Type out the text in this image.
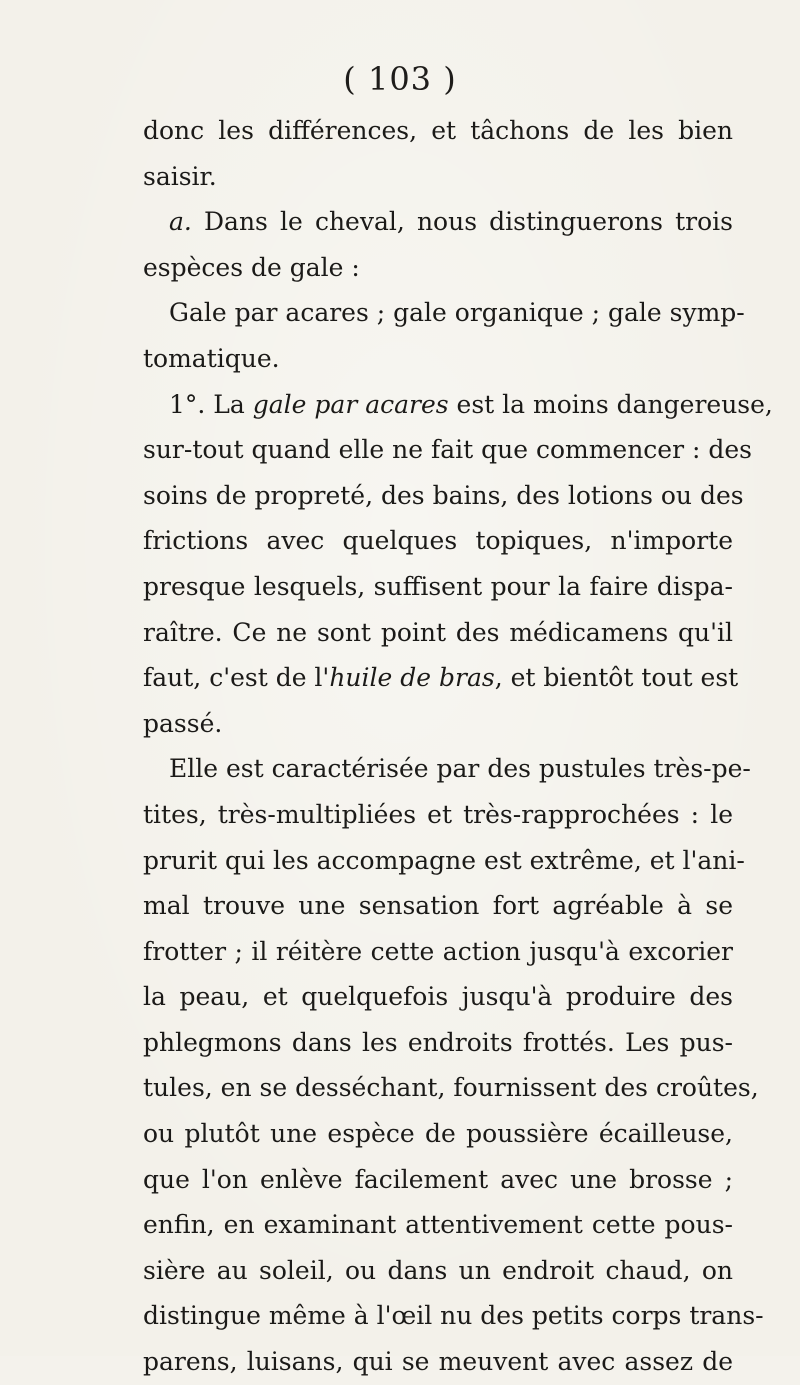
( 103 )
donc les différences, et tâchons de les bien
saisir.
a. Dans le cheval, nous distinguerons trois
espèces de gale :
Gale par acares ; gale organique ; gale symp-
tomatique.
1°. La gale par acares est la moins dangereuse,
sur-tout quand elle ne fait que commencer : des
soins de propreté, des bains, des lotions ou des
frictions avec quelques topiques, n'importe
presque lesquels, suffisent pour la faire dispa-
raître. Ce ne sont point des médicamens qu'il
faut, c'est de l'huile de bras, et bientôt tout est
passé.
Elle est caractérisée par des pustules très-pe-
tites, très-multipliées et très-rapprochées : le
prurit qui les accompagne est extrême, et l'ani-
mal trouve une sensation fort agréable à se
frotter ; il réitère cette action jusqu'à excorier
la peau, et quelquefois jusqu'à produire des
phlegmons dans les endroits frottés. Les pus-
tules, en se desséchant, fournissent des croûtes,
ou plutôt une espèce de poussière écailleuse,
que l'on enlève facilement avec une brosse ;
enfin, en examinant attentivement cette pous-
sière au soleil, ou dans un endroit chaud, on
distingue même à l'œil nu des petits corps trans-
parens, luisans, qui se meuvent avec assez de
